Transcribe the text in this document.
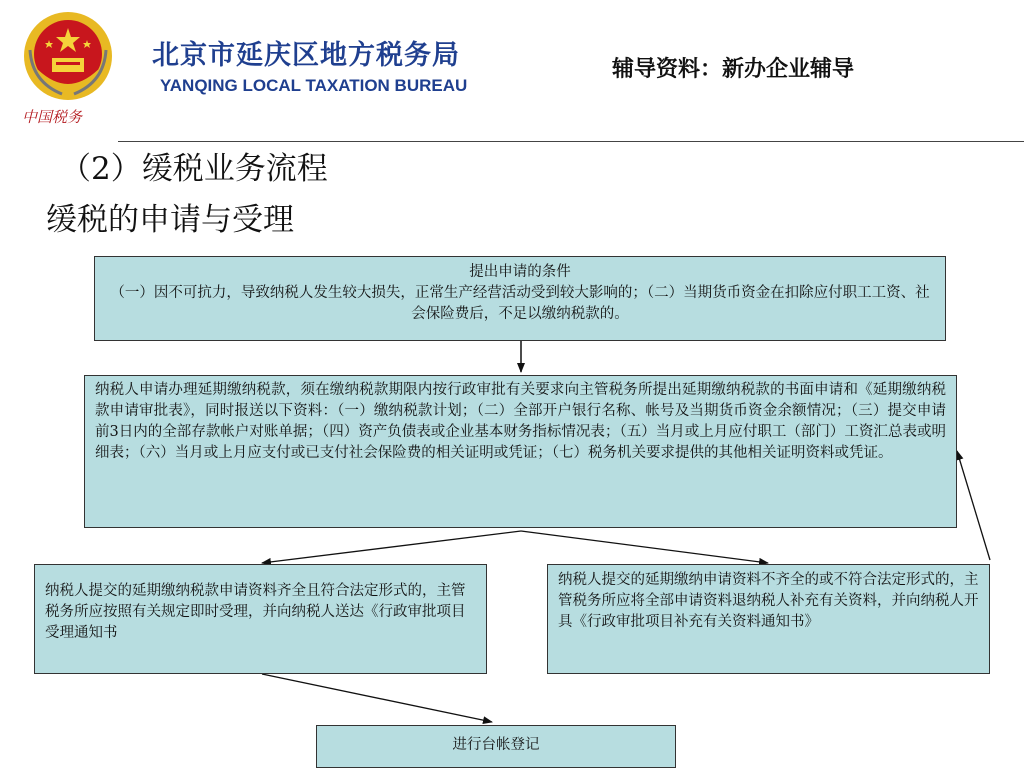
中国税务
北京市延庆区地方税务局
YANQING LOCAL TAXATION BUREAU
辅导资料：新办企业辅导
（2）缓税业务流程
缓税的申请与受理
提出申请的条件
（一）因不可抗力，导致纳税人发生较大损失，正常生产经营活动受到较大影响的；（二）当期货币资金在扣除应付职工工资、社会保险费后，不足以缴纳税款的。
纳税人申请办理延期缴纳税款，须在缴纳税款期限内按行政审批有关要求向主管税务所提出延期缴纳税款的书面申请和《延期缴纳税款申请审批表》，同时报送以下资料：（一）缴纳税款计划；（二）全部开户银行名称、帐号及当期货币资金余额情况；（三）提交申请前3日内的全部存款帐户对账单据；（四）资产负债表或企业基本财务指标情况表；（五）当月或上月应付职工（部门）工资汇总表或明细表；（六）当月或上月应支付或已支付社会保险费的相关证明或凭证；（七）税务机关要求提供的其他相关证明资料或凭证。
纳税人提交的延期缴纳税款申请资料齐全且符合法定形式的，主管税务所应按照有关规定即时受理，并向纳税人送达《行政审批项目受理通知书
纳税人提交的延期缴纳申请资料不齐全的或不符合法定形式的，主管税务所应将全部申请资料退纳税人补充有关资料，并向纳税人开具《行政审批项目补充有关资料通知书》
进行台帐登记
